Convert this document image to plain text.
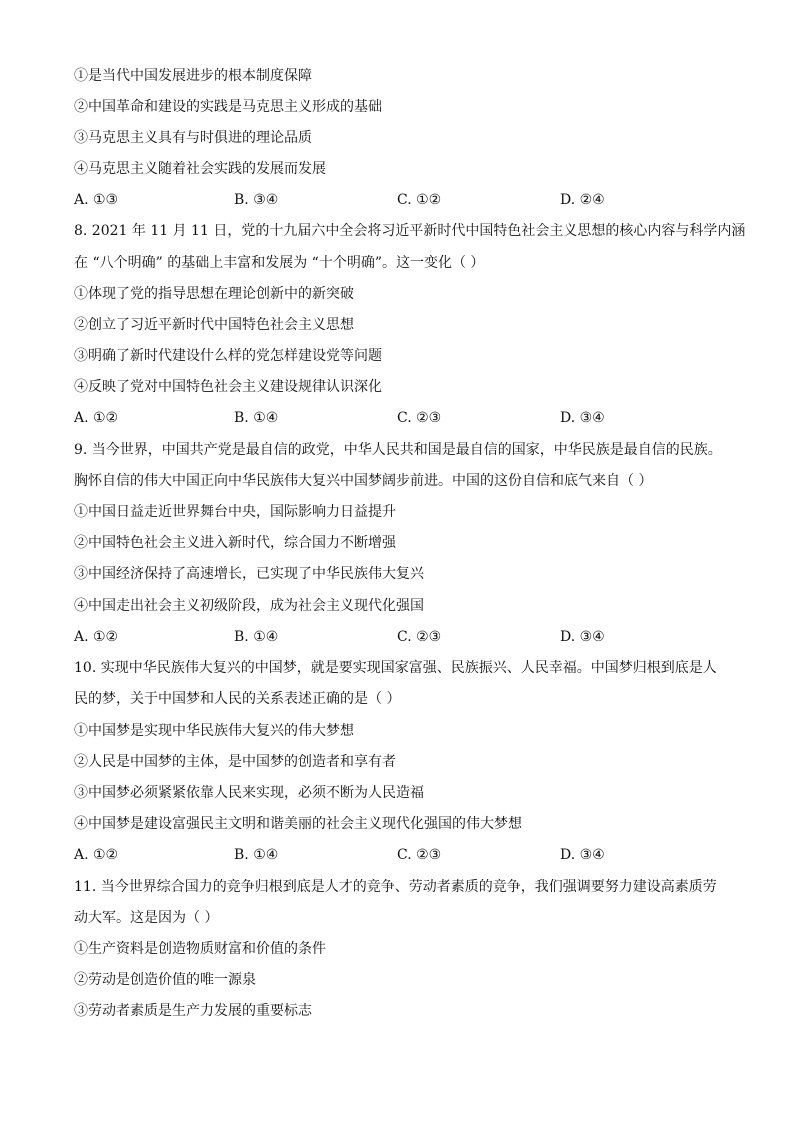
①是当代中国发展进步的根本制度保障
②中国革命和建设的实践是马克思主义形成的基础
③马克思主义具有与时俱进的理论品质
④马克思主义随着社会实践的发展而发展
A. ①③	B. ③④	C. ①②	D. ②④
8. 2021 年 11 月 11 日，党的十九届六中全会将习近平新时代中国特色社会主义思想的核心内容与科学内涵
在 “八个明确” 的基础上丰富和发展为 “十个明确”。这一变化（ ）
①体现了党的指导思想在理论创新中的新突破
②创立了习近平新时代中国特色社会主义思想
③明确了新时代建设什么样的党怎样建设党等问题
④反映了党对中国特色社会主义建设规律认识深化
A. ①②	B. ①④	C. ②③	D. ③④
9. 当今世界，中国共产党是最自信的政党，中华人民共和国是最自信的国家，中华民族是最自信的民族。
胸怀自信的伟大中国正向中华民族伟大复兴中国梦阔步前进。中国的这份自信和底气来自（ ）
①中国日益走近世界舞台中央，国际影响力日益提升
②中国特色社会主义进入新时代，综合国力不断增强
③中国经济保持了高速增长，已实现了中华民族伟大复兴
④中国走出社会主义初级阶段，成为社会主义现代化强国
A. ①②	B. ①④	C. ②③	D. ③④
10. 实现中华民族伟大复兴的中国梦，就是要实现国家富强、民族振兴、人民幸福。中国梦归根到底是人
民的梦，关于中国梦和人民的关系表述正确的是（ ）
①中国梦是实现中华民族伟大复兴的伟大梦想
②人民是中国梦的主体，是中国梦的创造者和享有者
③中国梦必须紧紧依靠人民来实现，必须不断为人民造福
④中国梦是建设富强民主文明和谐美丽的社会主义现代化强国的伟大梦想
A. ①②	B. ①④	C. ②③	D. ③④
11. 当今世界综合国力的竞争归根到底是人才的竞争、劳动者素质的竞争，我们强调要努力建设高素质劳
动大军。这是因为（ ）
①生产资料是创造物质财富和价值的条件
②劳动是创造价值的唯一源泉
③劳动者素质是生产力发展的重要标志
